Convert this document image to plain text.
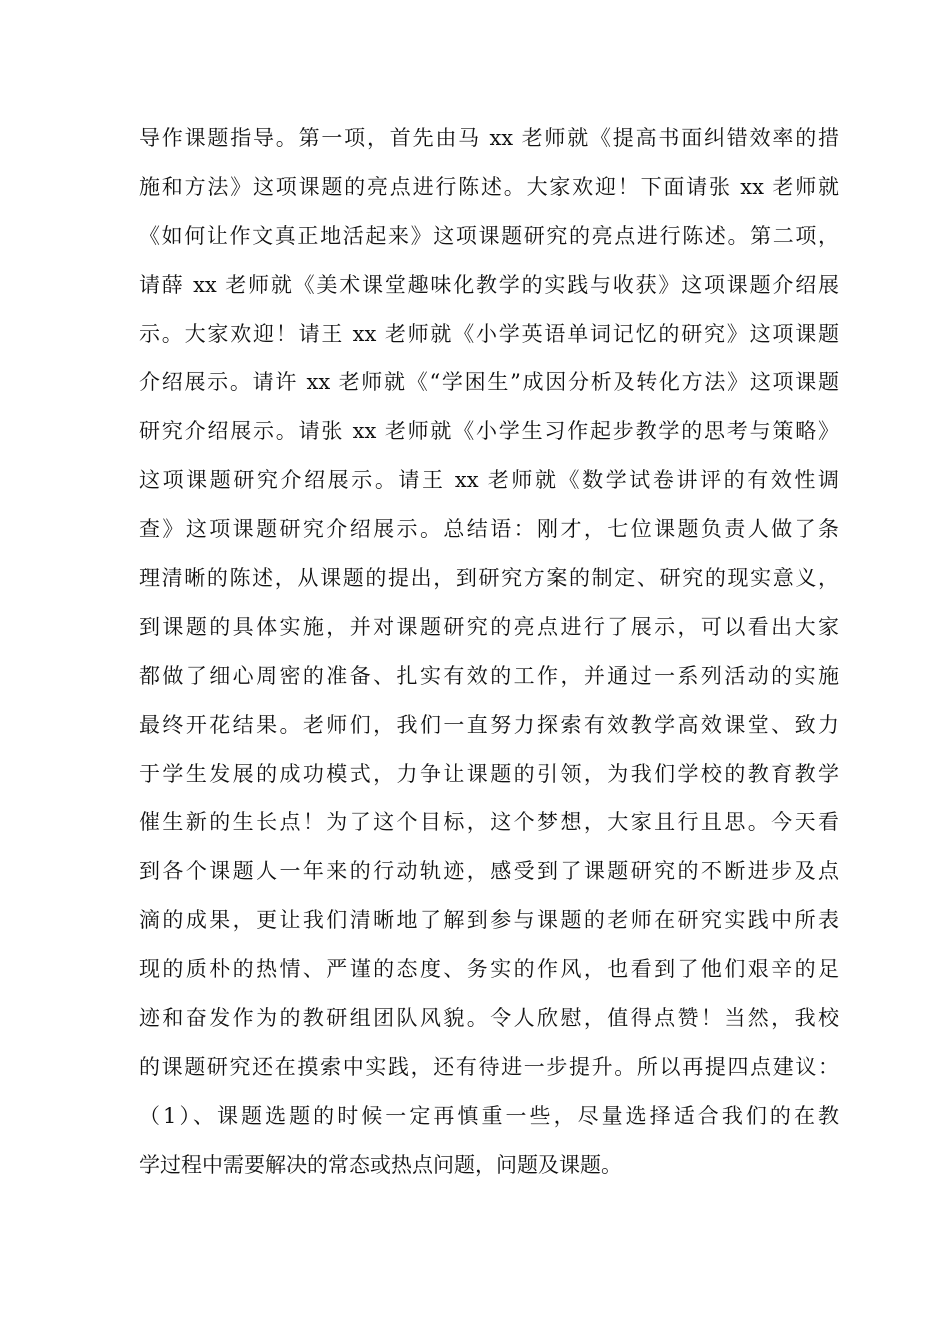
导作课题指导。第一项，首先由马 xx 老师就《提高书面纠错效率的措
施和方法》这项课题的亮点进行陈述。大家欢迎！下面请张 xx 老师就
《如何让作文真正地活起来》这项课题研究的亮点进行陈述。第二项，
请薛 xx 老师就《美术课堂趣味化教学的实践与收获》这项课题介绍展
示。大家欢迎！请王 xx 老师就《小学英语单词记忆的研究》这项课题
介绍展示。请许 xx 老师就《“学困生”成因分析及转化方法》这项课题
研究介绍展示。请张 xx 老师就《小学生习作起步教学的思考与策略》
这项课题研究介绍展示。请王 xx 老师就《数学试卷讲评的有效性调
查》这项课题研究介绍展示。总结语：刚才，七位课题负责人做了条
理清晰的陈述，从课题的提出，到研究方案的制定、研究的现实意义，
到课题的具体实施，并对课题研究的亮点进行了展示，可以看出大家
都做了细心周密的准备、扎实有效的工作，并通过一系列活动的实施
最终开花结果。老师们，我们一直努力探索有效教学高效课堂、致力
于学生发展的成功模式，力争让课题的引领，为我们学校的教育教学
催生新的生长点！为了这个目标，这个梦想，大家且行且思。今天看
到各个课题人一年来的行动轨迹，感受到了课题研究的不断进步及点
滴的成果，更让我们清晰地了解到参与课题的老师在研究实践中所表
现的质朴的热情、严谨的态度、务实的作风，也看到了他们艰辛的足
迹和奋发作为的教研组团队风貌。令人欣慰，值得点赞！当然，我校
的课题研究还在摸索中实践，还有待进一步提升。所以再提四点建议：
（1）、课题选题的时候一定再慎重一些，尽量选择适合我们的在教
学过程中需要解决的常态或热点问题，问题及课题。
